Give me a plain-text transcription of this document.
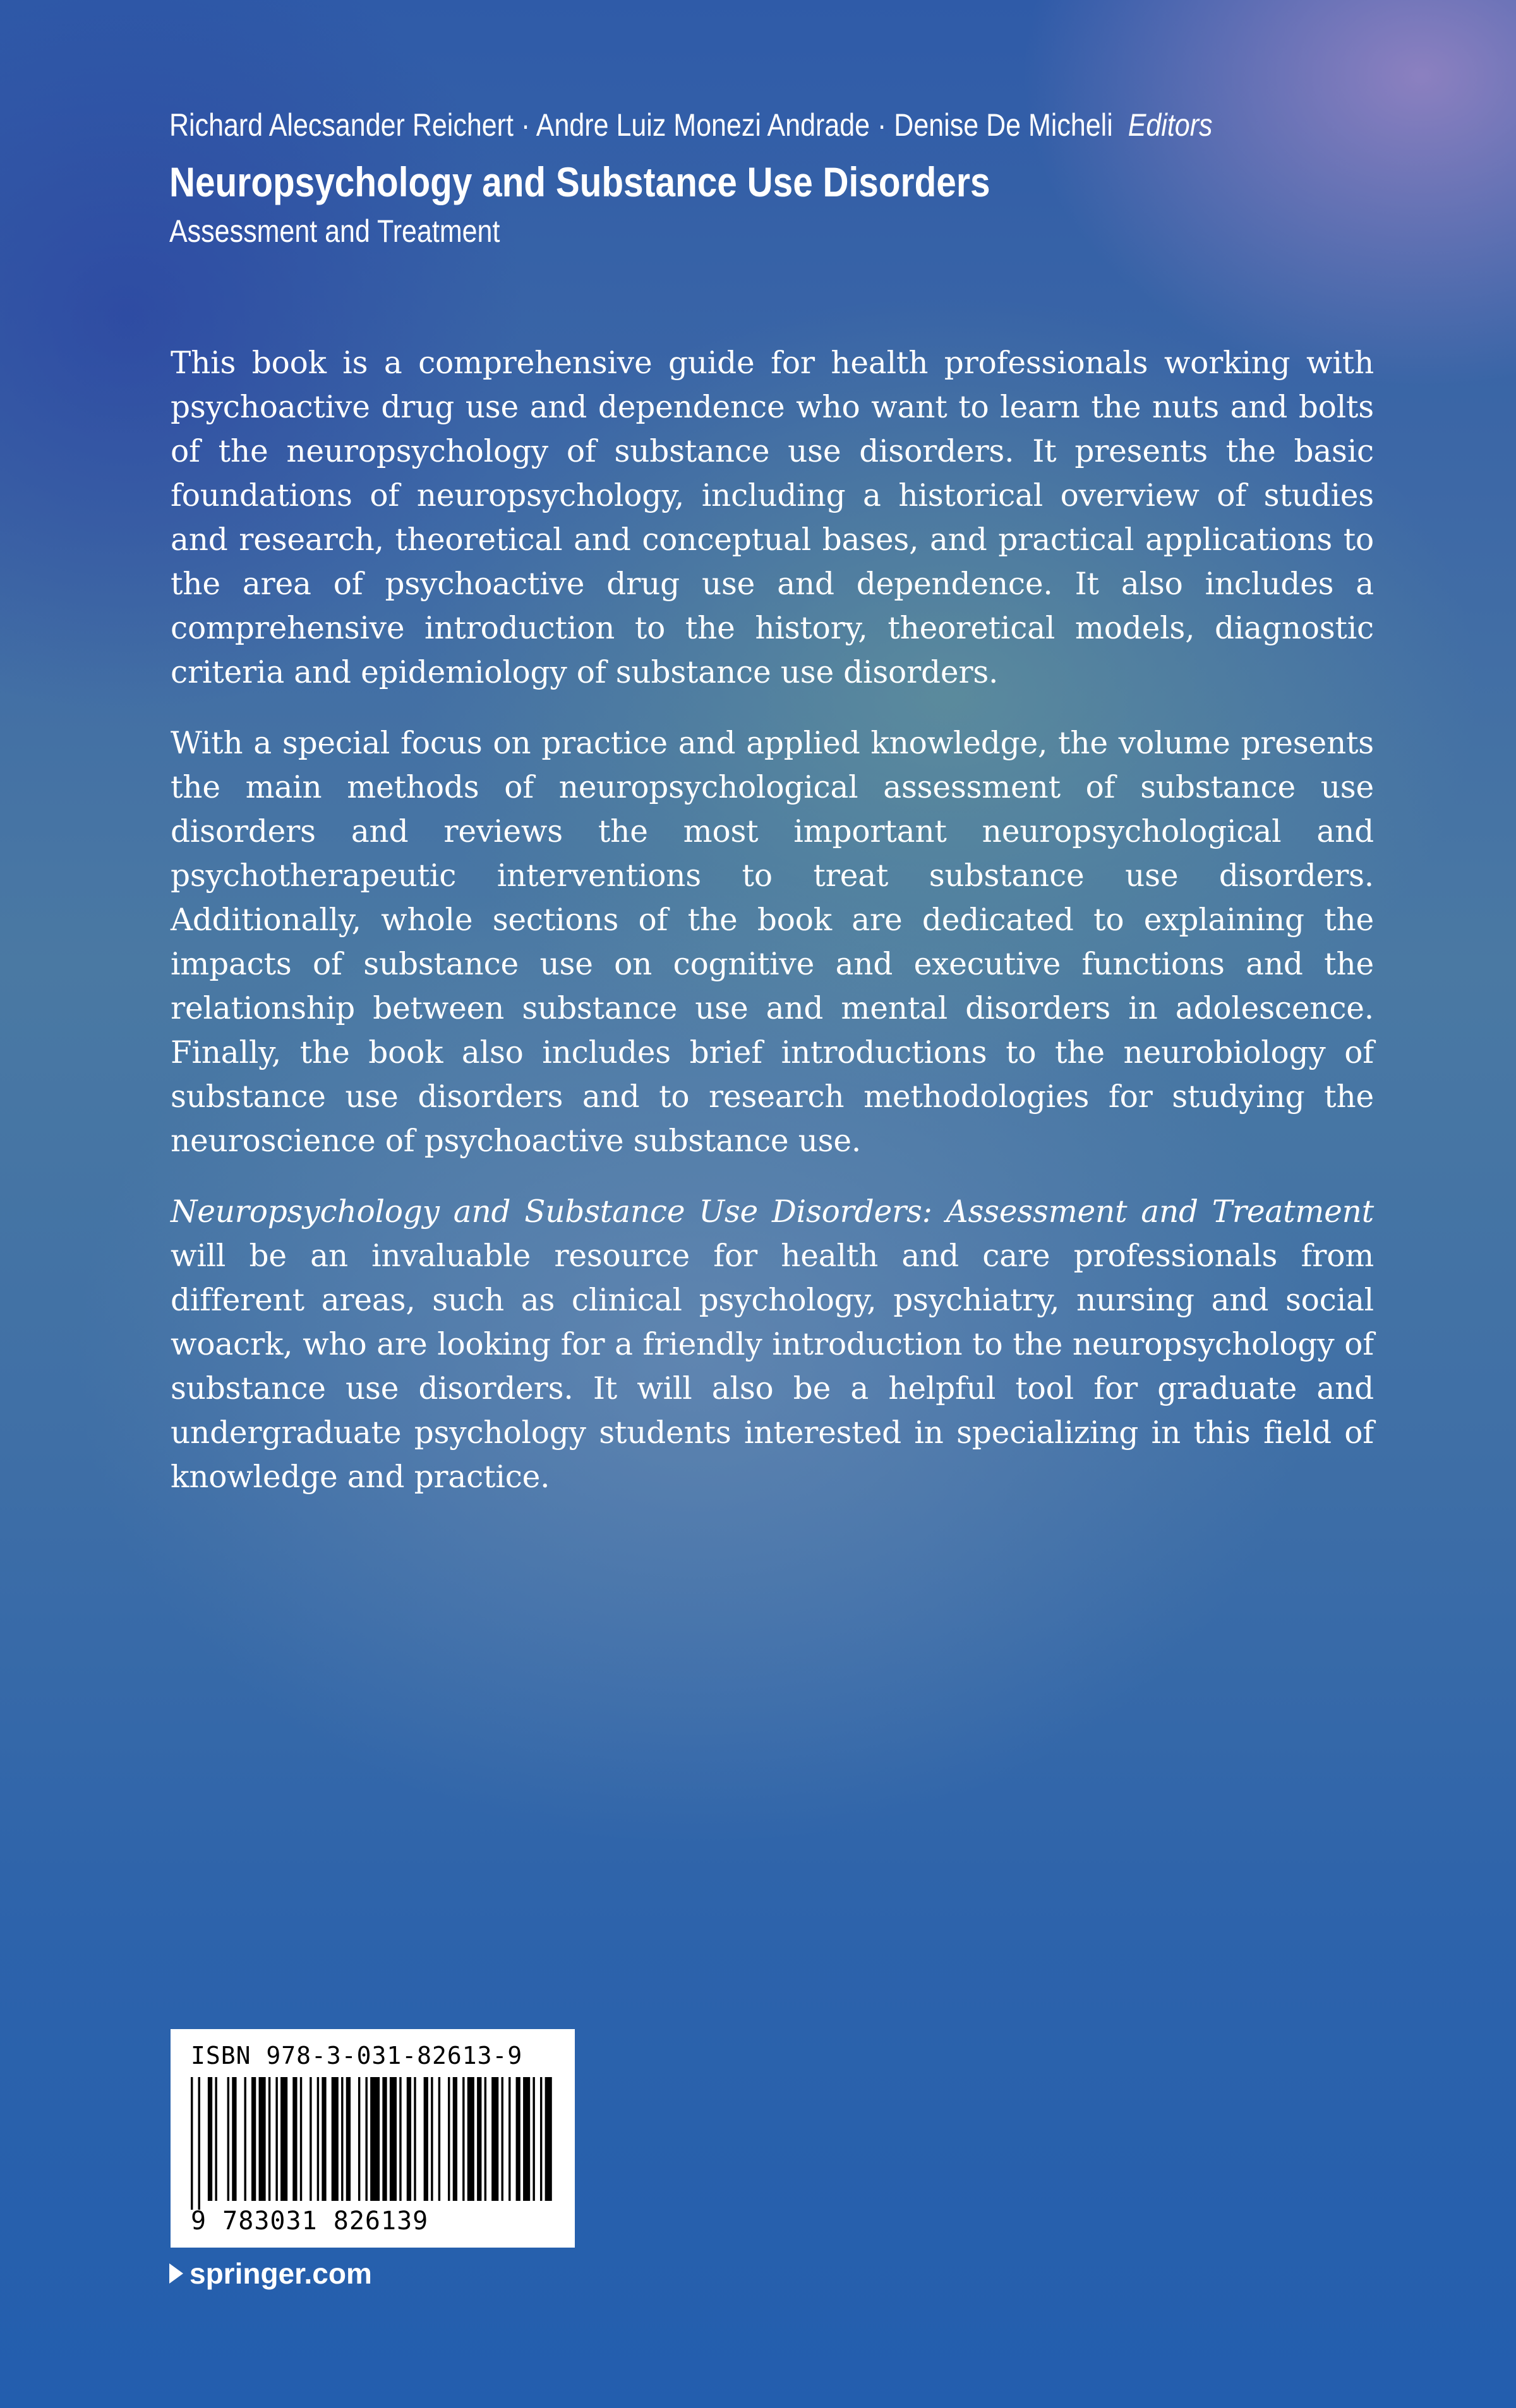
Richard Alecsander Reichert · Andre Luiz Monezi Andrade · Denise De Micheli Editors
Neuropsychology and Substance Use Disorders
Assessment and Treatment

This book is a comprehensive guide for health professionals working with psychoactive drug use and dependence who want to learn the nuts and bolts of the neuropsychology of substance use disorders. It presents the basic foundations of neuropsychology, including a historical overview of studies and research, theoretical and conceptual bases, and practical applications to the area of psychoactive drug use and dependence. It also includes a comprehensive introduction to the history, theoretical models, diagnostic criteria and epidemiology of substance use disorders.

With a special focus on practice and applied knowledge, the volume presents the main methods of neuropsychological assessment of substance use disorders and reviews the most important neuropsychological and psychotherapeutic interventions to treat substance use disorders. Additionally, whole sections of the book are dedicated to explaining the impacts of substance use on cognitive and executive functions and the relationship between substance use and mental disorders in adolescence. Finally, the book also includes brief introductions to the neurobiology of substance use disorders and to research methodologies for studying the neuroscience of psychoactive substance use.

Neuropsychology and Substance Use Disorders: Assessment and Treatment will be an invaluable resource for health and care professionals from different areas, such as clinical psychology, psychiatry, nursing and social woacrk, who are looking for a friendly introduction to the neuropsychology of substance use disorders. It will also be a helpful tool for graduate and undergraduate psychology students interested in specializing in this field of knowledge and practice.

ISBN 978-3-031-82613-9
9 783031 826139
springer.com
